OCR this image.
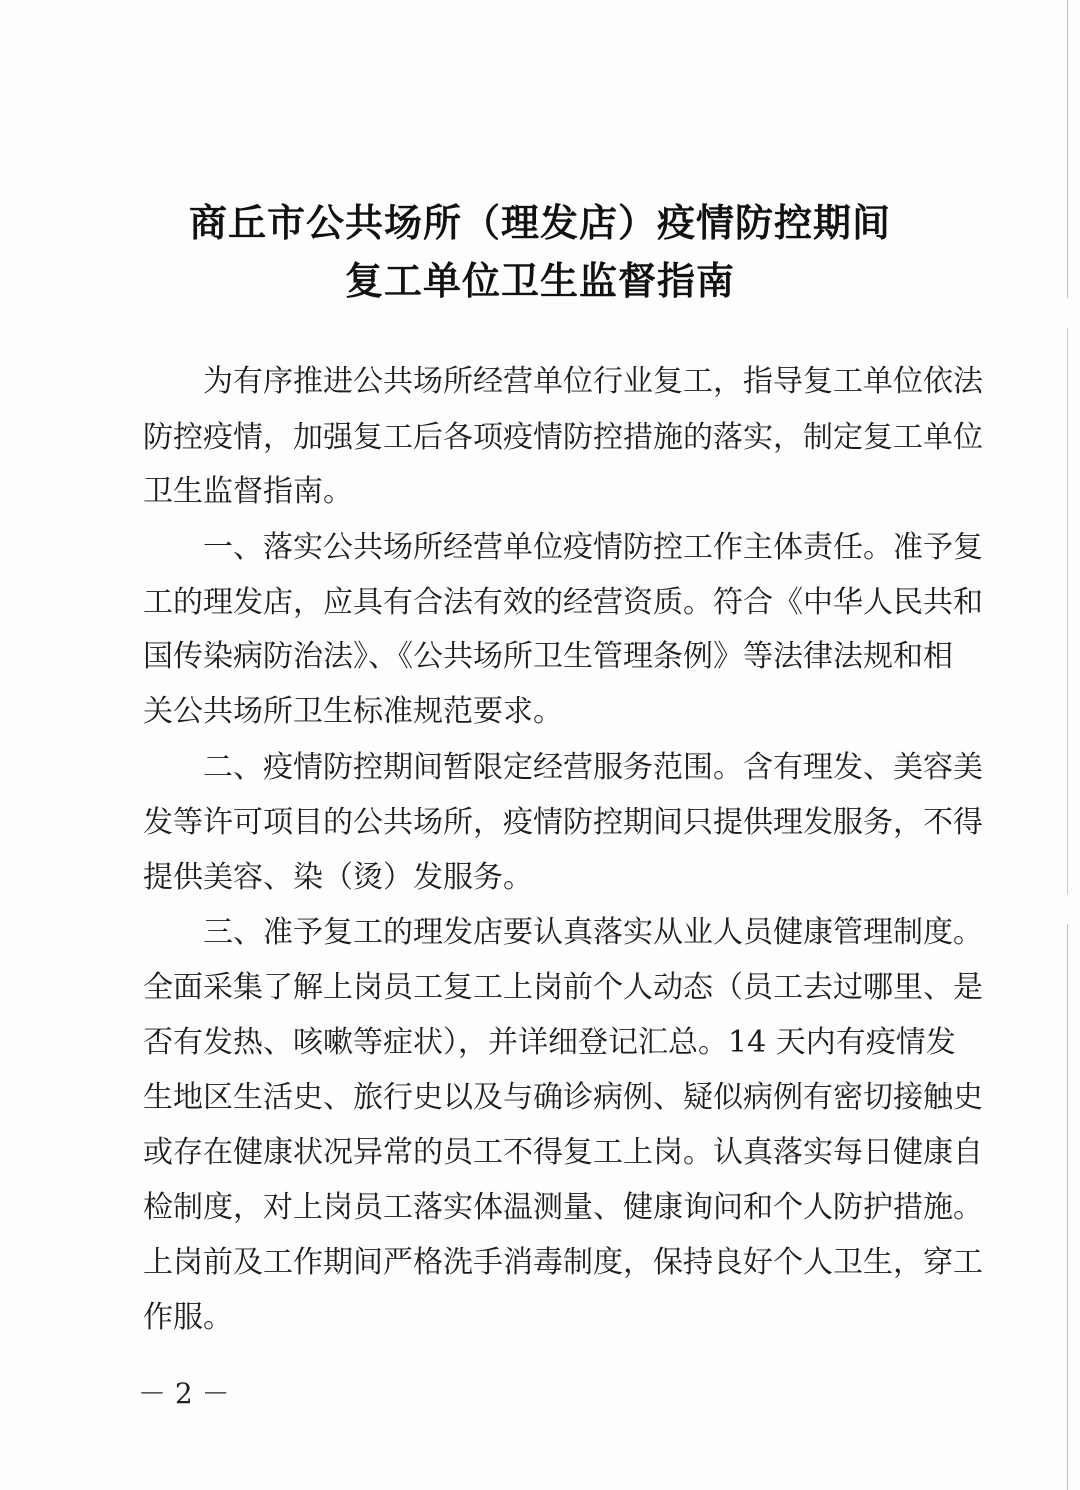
商丘市公共场所（理发店）疫情防控期间
复工单位卫生监督指南
为有序推进公共场所经营单位行业复工，指导复工单位依法
防控疫情，加强复工后各项疫情防控措施的落实，制定复工单位
卫生监督指南。
一、落实公共场所经营单位疫情防控工作主体责任。准予复
工的理发店，应具有合法有效的经营资质。符合《中华人民共和
国传染病防治法》、《公共场所卫生管理条例》等法律法规和相
关公共场所卫生标准规范要求。
二、疫情防控期间暂限定经营服务范围。含有理发、美容美
发等许可项目的公共场所，疫情防控期间只提供理发服务，不得
提供美容、染（烫）发服务。
三、准予复工的理发店要认真落实从业人员健康管理制度。
全面采集了解上岗员工复工上岗前个人动态（员工去过哪里、是
否有发热、咳嗽等症状），并详细登记汇总。14 天内有疫情发
生地区生活史、旅行史以及与确诊病例、疑似病例有密切接触史
或存在健康状况异常的员工不得复工上岗。认真落实每日健康自
检制度，对上岗员工落实体温测量、健康询问和个人防护措施。
上岗前及工作期间严格洗手消毒制度，保持良好个人卫生，穿工
作服。
－ 2 －
